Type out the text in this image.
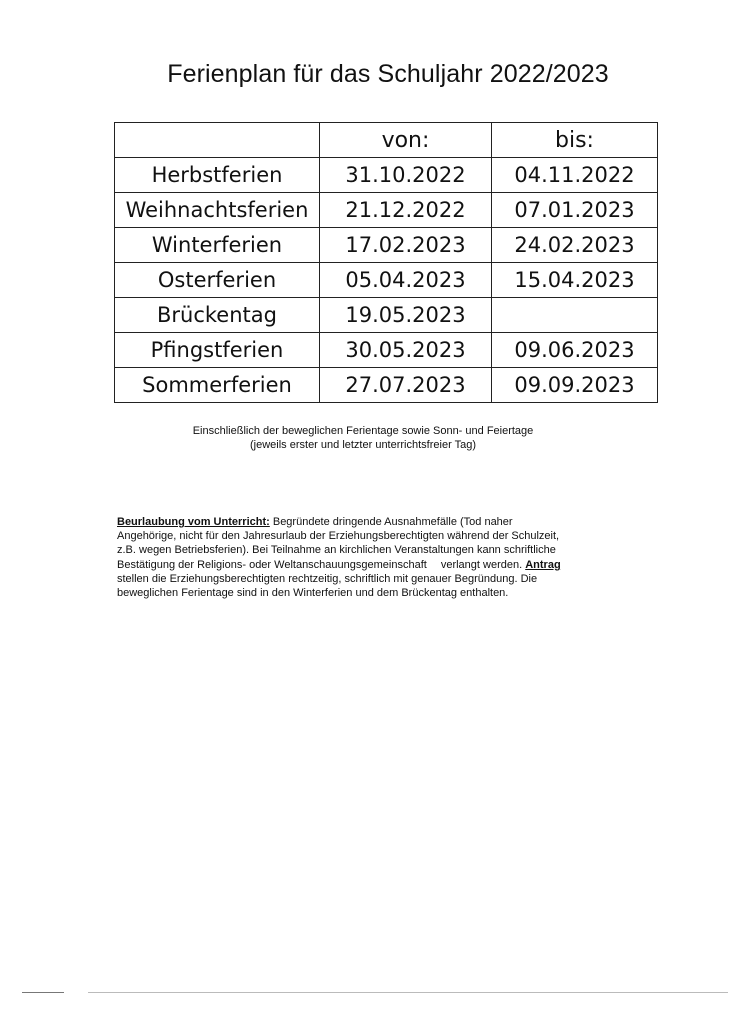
Ferienplan für das Schuljahr 2022/2023
	von:	bis:
Herbstferien	31.10.2022	04.11.2022
Weihnachtsferien	21.12.2022	07.01.2023
Winterferien	17.02.2023	24.02.2023
Osterferien	05.04.2023	15.04.2023
Brückentag	19.05.2023	
Pfingstferien	30.05.2023	09.06.2023
Sommerferien	27.07.2023	09.09.2023
Einschließlich der beweglichen Ferientage sowie Sonn- und Feiertage
(jeweils erster und letzter unterrichtsfreier Tag)
Beurlaubung vom Unterricht: Begründete dringende Ausnahmefälle (Tod naher
Angehörige, nicht für den Jahresurlaub der Erziehungsberechtigten während der Schulzeit,
z.B. wegen Betriebsferien). Bei Teilnahme an kirchlichen Veranstaltungen kann schriftliche
Bestätigung der Religions- oder Weltanschauungsgemeinschaft verlangt werden. Antrag
stellen die Erziehungsberechtigten rechtzeitig, schriftlich mit genauer Begründung. Die
beweglichen Ferientage sind in den Winterferien und dem Brückentag enthalten.
